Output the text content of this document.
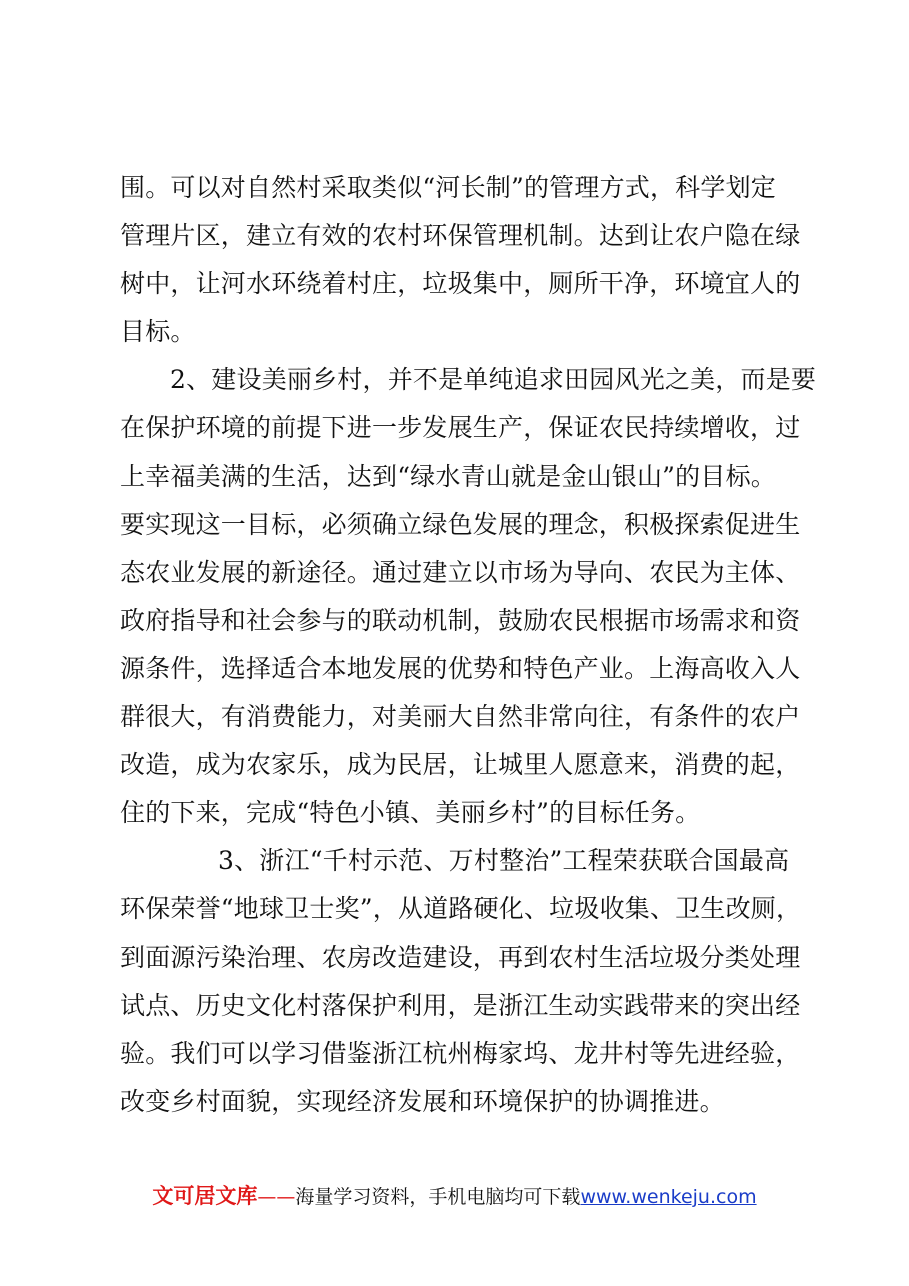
围。可以对自然村采取类似“河长制”的管理方式，科学划定
管理片区，建立有效的农村环保管理机制。达到让农户隐在绿
树中，让河水环绕着村庄，垃圾集中，厕所干净，环境宜人的
目标。
2、建设美丽乡村，并不是单纯追求田园风光之美，而是要
在保护环境的前提下进一步发展生产，保证农民持续增收，过
上幸福美满的生活，达到“绿水青山就是金山银山”的目标。
要实现这一目标，必须确立绿色发展的理念，积极探索促进生
态农业发展的新途径。通过建立以市场为导向、农民为主体、
政府指导和社会参与的联动机制，鼓励农民根据市场需求和资
源条件，选择适合本地发展的优势和特色产业。上海高收入人
群很大，有消费能力，对美丽大自然非常向往，有条件的农户
改造，成为农家乐，成为民居，让城里人愿意来，消费的起，
住的下来，完成“特色小镇、美丽乡村”的目标任务。
3、浙江“千村示范、万村整治”工程荣获联合国最高
环保荣誉“地球卫士奖”，从道路硬化、垃圾收集、卫生改厕，
到面源污染治理、农房改造建设，再到农村生活垃圾分类处理
试点、历史文化村落保护利用，是浙江生动实践带来的突出经
验。我们可以学习借鉴浙江杭州梅家坞、龙井村等先进经验，
改变乡村面貌，实现经济发展和环境保护的协调推进。
文可居文库——海量学习资料，手机电脑均可下载www.wenkeju.com
